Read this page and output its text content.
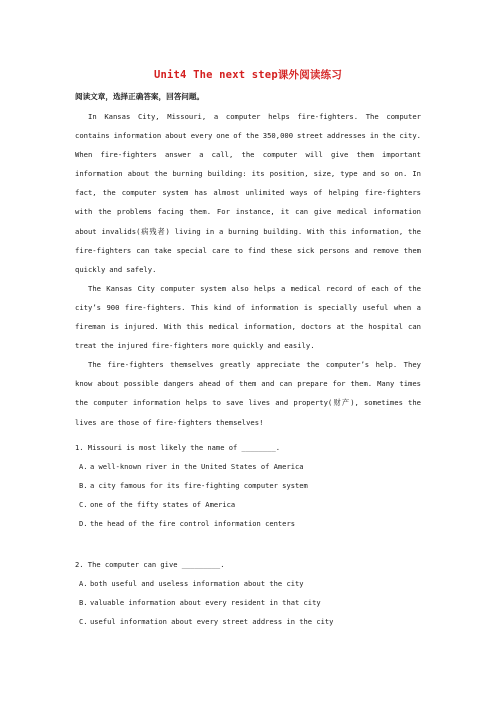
Unit4 The next step课外阅读练习
阅读文章，选择正确答案，回答问题。

In Kansas City, Missouri, a computer helps fire-fighters. The computer contains information about every one of the 350,000 street addresses in the city. When fire-fighters answer a call, the computer will give them important information about the burning building: its position, size, type and so on. In fact, the computer system has almost unlimited ways of helping fire-fighters with the problems facing them. For instance, it can give medical information about invalids(病残者) living in a burning building. With this information, the fire-fighters can take special care to find these sick persons and remove them quickly and safely.

The Kansas City computer system also helps a medical record of each of the city’s 900 fire-fighters. This kind of information is specially useful when a fireman is injured. With this medical information, doctors at the hospital can treat the injured fire-fighters more quickly and easily.

The fire-fighters themselves greatly appreciate the computer’s help. They know about possible dangers ahead of them and can prepare for them. Many times the computer information helps to save lives and property(财产), sometimes the lives are those of fire-fighters themselves!

1. Missouri is most likely the name of ________.

A. a well-known river in the United States of America
B. a city famous for its fire-fighting computer system
C. one of the fifty states of America
D. the head of the fire control information centers

2. The computer can give _________.

A. both useful and useless information about the city
B. valuable information about every resident in that city
C. useful information about every street address in the city
